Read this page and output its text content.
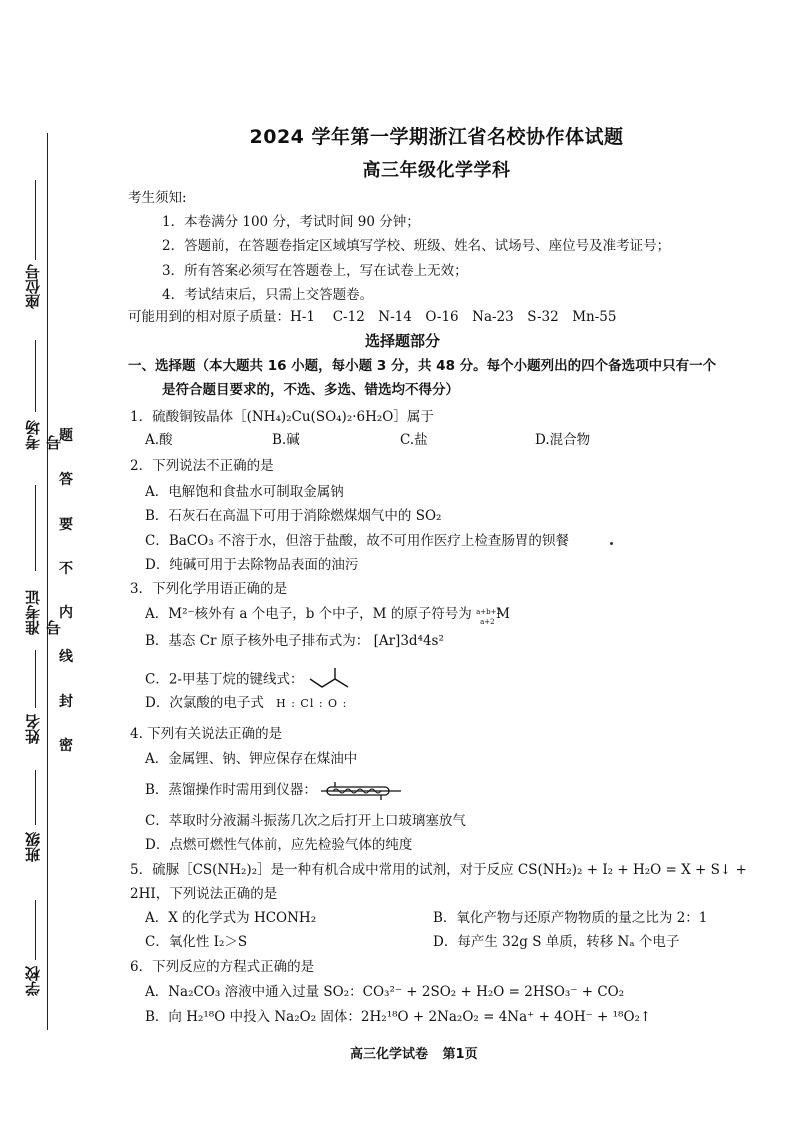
座位号
考场号
准考证号
姓名
班级
学校
题
答
要
不
内
线
封
密
2024 学年第一学期浙江省名校协作体试题
高三年级化学学科
考生须知:
1．本卷满分 100 分，考试时间 90 分钟；
2．答题前，在答题卷指定区域填写学校、班级、姓名、试场号、座位号及准考证号；
3．所有答案必须写在答题卷上，写在试卷上无效；
4．考试结束后，只需上交答题卷。
可能用到的相对原子质量：H-1　 C-12　N-14　O-16　Na-23　S-32　Mn-55
选择题部分
一、选择题（本大题共 16 小题，每小题 3 分，共 48 分。每个小题列出的四个备选项中只有一个
是符合题目要求的，不选、多选、错选均不得分）
1．硫酸铜铵晶体［(NH₄)₂Cu(SO₄)₂·6H₂O］属于
A.酸	B.碱	C.盐	D.混合物
2．下列说法不正确的是
A．电解饱和食盐水可制取金属钠
B．石灰石在高温下可用于消除燃煤烟气中的 SO₂
C．BaCO₃ 不溶于水，但溶于盐酸，故不可用作医疗上检查肠胃的钡餐
D．纯碱可用于去除物品表面的油污
3．下列化学用语正确的是
A．M²⁻核外有 a 个电子，b 个中子，M 的原子符号为 a+b+2
a+2 M
B．基态 Cr 原子核外电子排布式为： [Ar]3d⁴4s²
C．2-甲基丁烷的键线式：
D．次氯酸的电子式 H : Cl : O :
4. 下列有关说法正确的是
A．金属锂、钠、钾应保存在煤油中
B．蒸馏操作时需用到仪器：
C．萃取时分液漏斗振荡几次之后打开上口玻璃塞放气
D．点燃可燃性气体前，应先检验气体的纯度
5．硫脲［CS(NH₂)₂］是一种有机合成中常用的试剂，对于反应 CS(NH₂)₂ + I₂ + H₂O = X + S↓ +
2HI，下列说法正确的是
A．X 的化学式为 HCONH₂	B．氧化产物与还原产物物质的量之比为 2：1
C．氧化性 I₂＞S	D．每产生 32g S 单质，转移 Nₐ 个电子
6．下列反应的方程式正确的是
A．Na₂CO₃ 溶液中通入过量 SO₂：CO₃²⁻ + 2SO₂ + H₂O = 2HSO₃⁻ + CO₂
B．向 H₂¹⁸O 中投入 Na₂O₂ 固体：2H₂¹⁸O + 2Na₂O₂ = 4Na⁺ + 4OH⁻ + ¹⁸O₂↑
高三化学试卷 第1页
